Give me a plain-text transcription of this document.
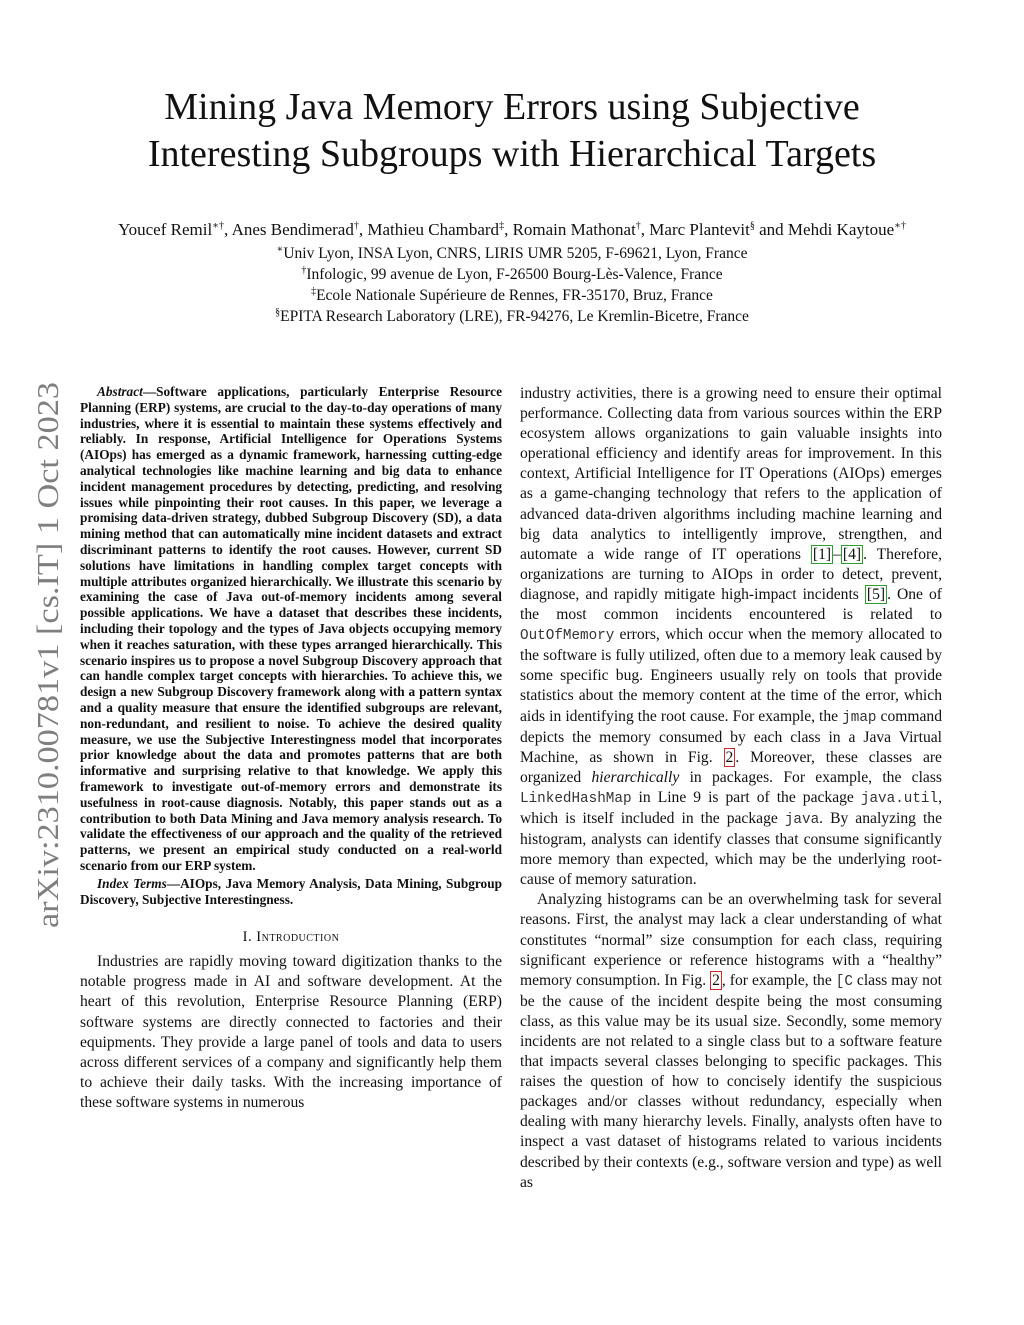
Mining Java Memory Errors using Subjective
Interesting Subgroups with Hierarchical Targets
Youcef Remil∗†, Anes Bendimerad†, Mathieu Chambard‡, Romain Mathonat†, Marc Plantevit§ and Mehdi Kaytoue∗†
∗Univ Lyon, INSA Lyon, CNRS, LIRIS UMR 5205, F-69621, Lyon, France
†Infologic, 99 avenue de Lyon, F-26500 Bourg-Lès-Valence, France
‡Ecole Nationale Supérieure de Rennes, FR-35170, Bruz, France
§EPITA Research Laboratory (LRE), FR-94276, Le Kremlin-Bicetre, France
arXiv:2310.00781v1 [cs.IT] 1 Oct 2023

Abstract—Software applications, particularly Enterprise Resource Planning (ERP) systems, are crucial to the day-to-day operations of many industries, where it is essential to maintain these systems effectively and reliably. In response, Artificial Intelligence for Operations Systems (AIOps) has emerged as a dynamic framework, harnessing cutting-edge analytical technologies like machine learning and big data to enhance incident management procedures by detecting, predicting, and resolving issues while pinpointing their root causes. In this paper, we leverage a promising data-driven strategy, dubbed Subgroup Discovery (SD), a data mining method that can automatically mine incident datasets and extract discriminant patterns to identify the root causes. However, current SD solutions have limitations in handling complex target concepts with multiple attributes organized hierarchically. We illustrate this scenario by examining the case of Java out-of-memory incidents among several possible applications. We have a dataset that describes these incidents, including their topology and the types of Java objects occupying memory when it reaches saturation, with these types arranged hierarchically. This scenario inspires us to propose a novel Subgroup Discovery approach that can handle complex target concepts with hierarchies. To achieve this, we design a new Subgroup Discovery framework along with a pattern syntax and a quality measure that ensure the identified subgroups are relevant, non-redundant, and resilient to noise. To achieve the desired quality measure, we use the Subjective Interestingness model that incorporates prior knowledge about the data and promotes patterns that are both informative and surprising relative to that knowledge. We apply this framework to investigate out-of-memory errors and demonstrate its usefulness in root-cause diagnosis. Notably, this paper stands out as a contribution to both Data Mining and Java memory analysis research. To validate the effectiveness of our approach and the quality of the retrieved patterns, we present an empirical study conducted on a real-world scenario from our ERP system.

Index Terms—AIOps, Java Memory Analysis, Data Mining, Subgroup Discovery, Subjective Interestingness.

I. Introduction

Industries are rapidly moving toward digitization thanks to the notable progress made in AI and software development. At the heart of this revolution, Enterprise Resource Planning (ERP) software systems are directly connected to factories and their equipments. They provide a large panel of tools and data to users across different services of a company and significantly help them to achieve their daily tasks. With the increasing importance of these software systems in numerous

industry activities, there is a growing need to ensure their optimal performance. Collecting data from various sources within the ERP ecosystem allows organizations to gain valuable insights into operational efficiency and identify areas for improvement. In this context, Artificial Intelligence for IT Operations (AIOps) emerges as a game-changing technology that refers to the application of advanced data-driven algorithms including machine learning and big data analytics to intelligently improve, strengthen, and automate a wide range of IT operations [1] – [4] . Therefore, organizations are turning to AIOps in order to detect, prevent, diagnose, and rapidly mitigate high-impact incidents [5] . One of the most common incidents encountered is related to OutOfMemory errors, which occur when the memory allocated to the software is fully utilized, often due to a memory leak caused by some specific bug. Engineers usually rely on tools that provide statistics about the memory content at the time of the error, which aids in identifying the root cause. For example, the jmap command depicts the memory consumed by each class in a Java Virtual Machine, as shown in Fig. 2 . Moreover, these classes are organized hierarchically in packages. For example, the class LinkedHashMap in Line 9 is part of the package java.util, which is itself included in the package java. By analyzing the histogram, analysts can identify classes that consume significantly more memory than expected, which may be the underlying root-cause of memory saturation.

Analyzing histograms can be an overwhelming task for several reasons. First, the analyst may lack a clear understanding of what constitutes “normal” size consumption for each class, requiring significant experience or reference histograms with a “healthy” memory consumption. In Fig. 2 , for example, the [C class may not be the cause of the incident despite being the most consuming class, as this value may be its usual size. Secondly, some memory incidents are not related to a single class but to a software feature that impacts several classes belonging to specific packages. This raises the question of how to concisely identify the suspicious packages and/or classes without redundancy, especially when dealing with many hierarchy levels. Finally, analysts often have to inspect a vast dataset of histograms related to various incidents described by their contexts (e.g., software version and type) as well as
